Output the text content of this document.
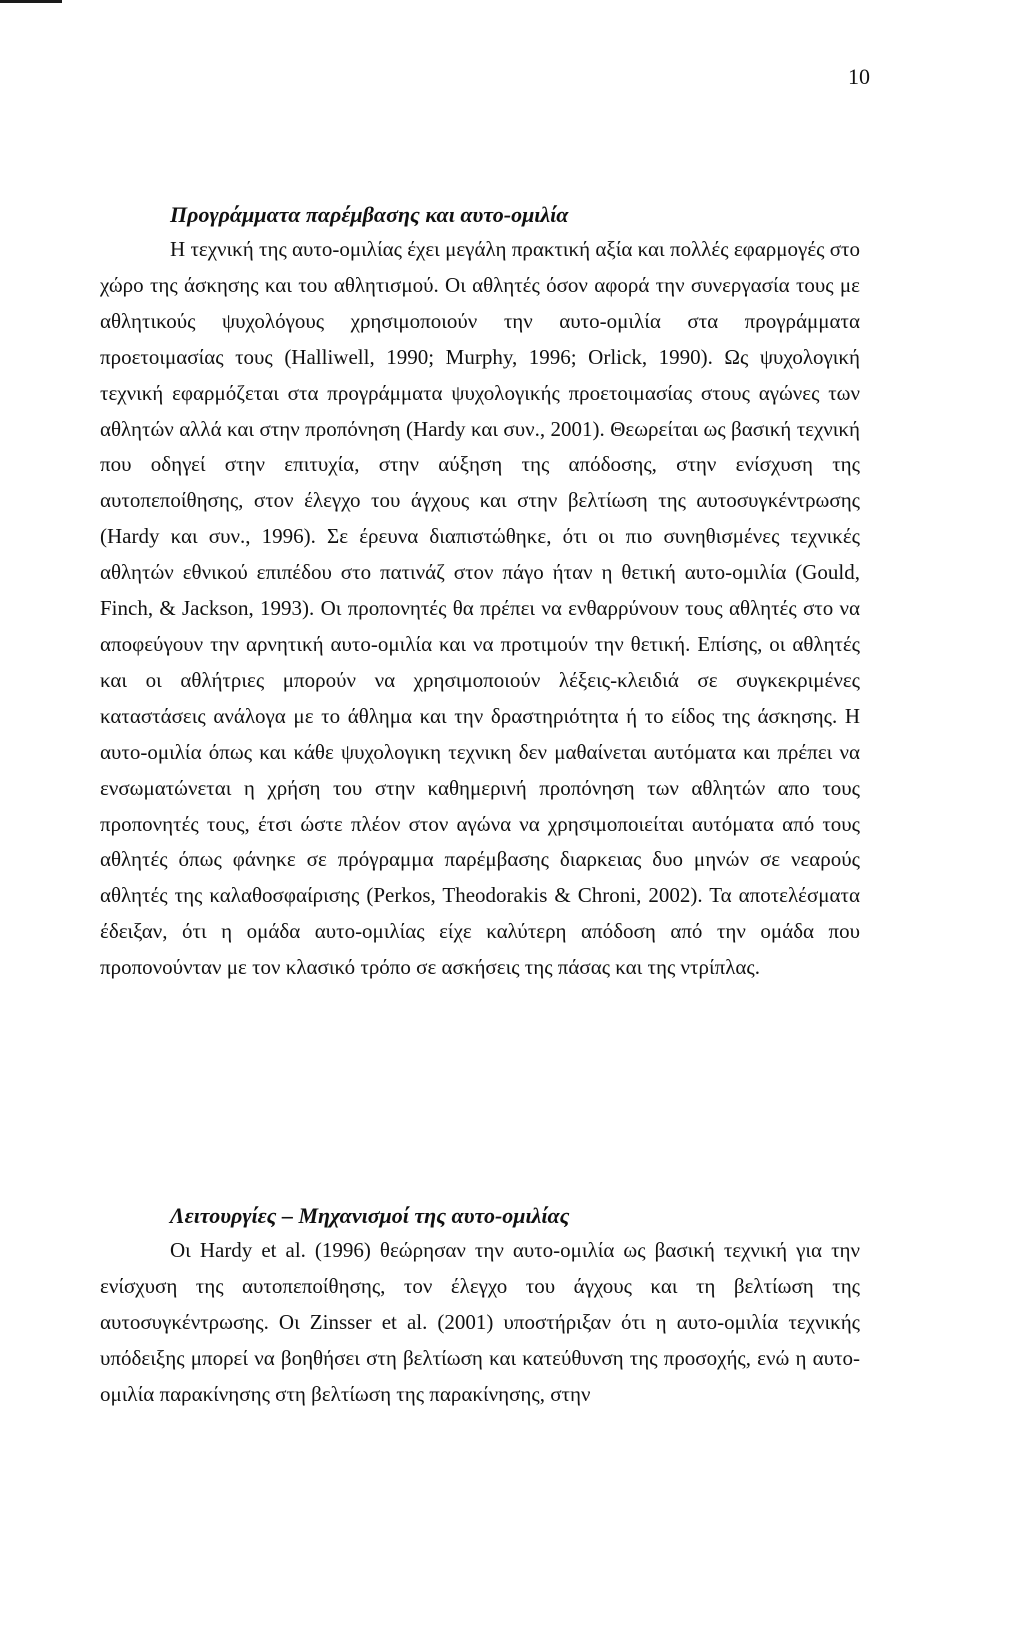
10
Προγράμματα παρέμβασης και αυτο-ομιλία

Η τεχνική της αυτο-ομιλίας έχει μεγάλη πρακτική αξία και πολλές εφαρμογές στο χώρο της άσκησης και του αθλητισμού. Οι αθλητές όσον αφορά την συνεργασία τους με αθλητικούς ψυχολόγους χρησιμοποιούν την αυτο-ομιλία στα προγράμματα προετοιμασίας τους (Halliwell, 1990; Murphy, 1996; Orlick, 1990). Ως ψυχολογική τεχνική εφαρμόζεται στα προγράμματα ψυχολογικής προετοιμασίας στους αγώνες των αθλητών αλλά και στην προπόνηση (Hardy και συν., 2001). Θεωρείται ως βασική τεχνική που οδηγεί στην επιτυχία, στην αύξηση της απόδοσης, στην ενίσχυση της αυτοπεποίθησης, στον έλεγχο του άγχους και στην βελτίωση της αυτοσυγκέντρωσης (Hardy και συν., 1996). Σε έρευνα διαπιστώθηκε, ότι οι πιο συνηθισμένες τεχνικές αθλητών εθνικού επιπέδου στο πατινάζ στον πάγο ήταν η θετική αυτο-ομιλία (Gould, Finch, & Jackson, 1993). Οι προπονητές θα πρέπει να ενθαρρύνουν τους αθλητές στο να αποφεύγουν την αρνητική αυτο-ομιλία και να προτιμούν την θετική. Επίσης, οι αθλητές και οι αθλήτριες μπορούν να χρησιμοποιούν λέξεις-κλειδιά σε συγκεκριμένες καταστάσεις ανάλογα με το άθλημα και την δραστηριότητα ή το είδος της άσκησης. Η αυτο-ομιλία όπως και κάθε ψυχολογικη τεχνικη δεν μαθαίνεται αυτόματα και πρέπει να ενσωματώνεται η χρήση του στην καθημερινή προπόνηση των αθλητών απο τους προπονητές τους, έτσι ώστε πλέον στον αγώνα να χρησιμοποιείται αυτόματα από τους αθλητές όπως φάνηκε σε πρόγραμμα παρέμβασης διαρκειας δυο μηνών σε νεαρούς αθλητές της καλαθοσφαίρισης (Perkos, Theodorakis & Chroni, 2002). Τα αποτελέσματα έδειξαν, ότι η ομάδα αυτο-ομιλίας είχε καλύτερη απόδοση από την ομάδα που προπονούνταν με τον κλασικό τρόπο σε ασκήσεις της πάσας και της ντρίπλας.

Λειτουργίες – Μηχανισμοί της αυτο-ομιλίας

Οι Hardy et al. (1996) θεώρησαν την αυτο-ομιλία ως βασική τεχνική για την ενίσχυση της αυτοπεποίθησης, τον έλεγχο του άγχους και τη βελτίωση της αυτοσυγκέντρωσης. Οι Zinsser et al. (2001) υποστήριξαν ότι η αυτο-ομιλία τεχνικής υπόδειξης μπορεί να βοηθήσει στη βελτίωση και κατεύθυνση της προσοχής, ενώ η αυτο-ομιλία παρακίνησης στη βελτίωση της παρακίνησης, στην
